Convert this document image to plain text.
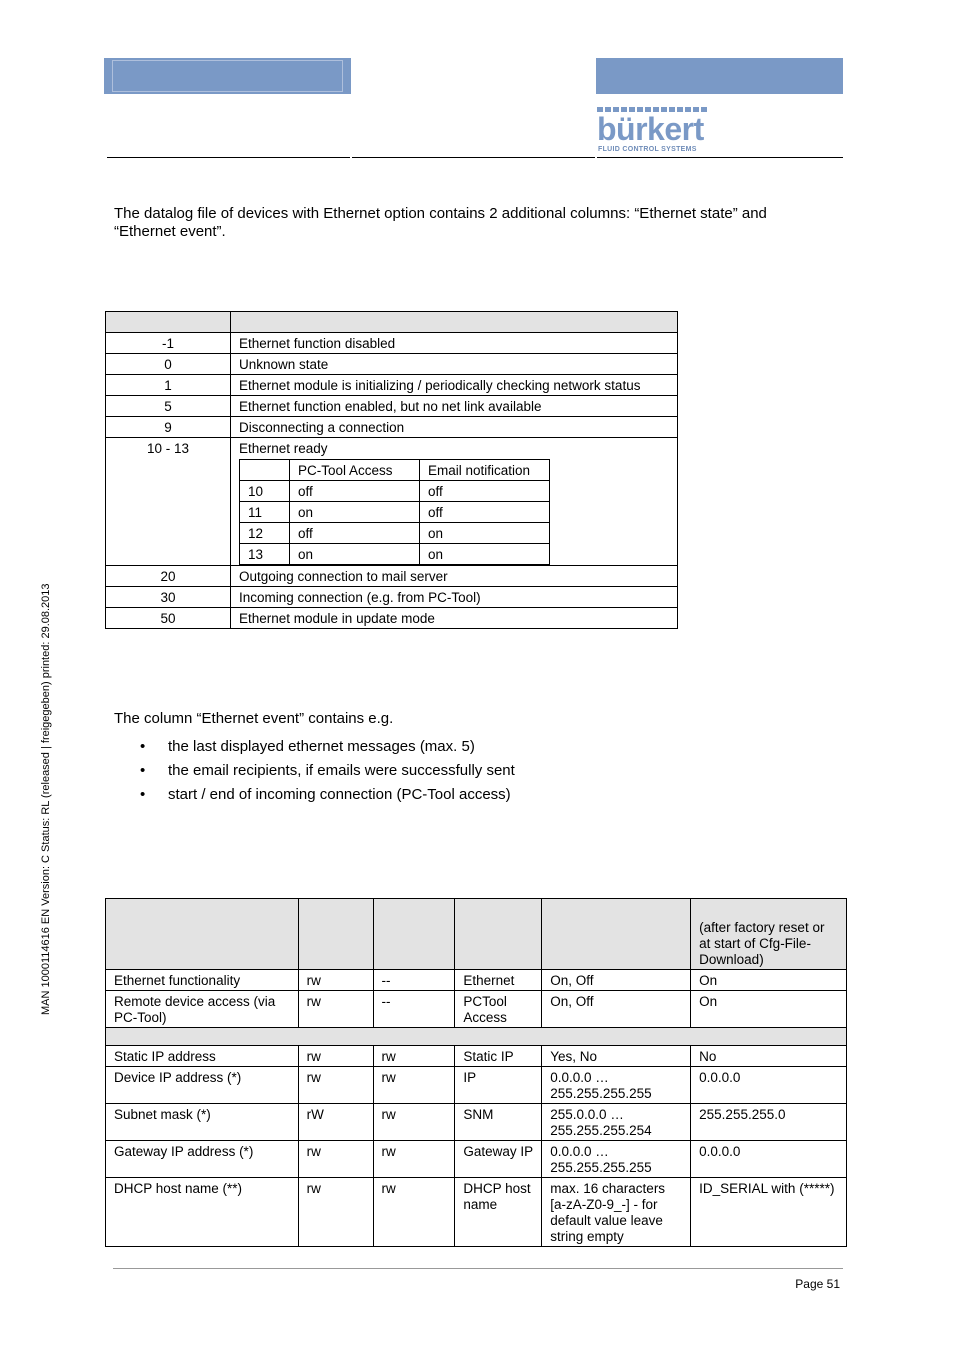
bürkert
FLUID CONTROL SYSTEMS
MAN 1000114616 EN Version: C Status: RL (released | freigegeben) printed: 29.08.2013
The datalog file of devices with Ethernet option contains 2 additional columns: “Ethernet state” and
“Ethernet event”.

-1	Ethernet function disabled
0	Unknown state
1	Ethernet module is initializing / periodically checking network status
5	Ethernet function enabled, but no net link available
9	Disconnecting a connection
10 - 13	Ethernet ready
	PC-Tool Access	Email notification
10	off	off
11	on	off
12	off	on
13	on	on

20	Outgoing connection to mail server
30	Incoming connection (e.g. from PC-Tool)
50	Ethernet module in update mode
The column “Ethernet event” contains e.g.
• the last displayed ethernet messages (max. 5)
• the email recipients, if emails were successfully sent
• start / end of incoming connection (PC-Tool access)
					(after factory reset or at start of Cfg-File-Download)
Ethernet functionality	rw	--	Ethernet	On, Off	On
Remote device access (via PC-Tool)	rw	--	PCTool Access	On, Off	On

Static IP address	rw	rw	Static IP	Yes, No	No
Device IP address (*)	rw	rw	IP	0.0.0.0 … 255.255.255.255	0.0.0.0
Subnet mask (*)	rW	rw	SNM	255.0.0.0 … 255.255.255.254	255.255.255.0
Gateway IP address (*)	rw	rw	Gateway IP	0.0.0.0 … 255.255.255.255	0.0.0.0
DHCP host name (**)	rw	rw	DHCP host name	max. 16 characters [a-zA-Z0-9_-] - for default value leave string empty	ID_SERIAL with (*****)
Page 51
